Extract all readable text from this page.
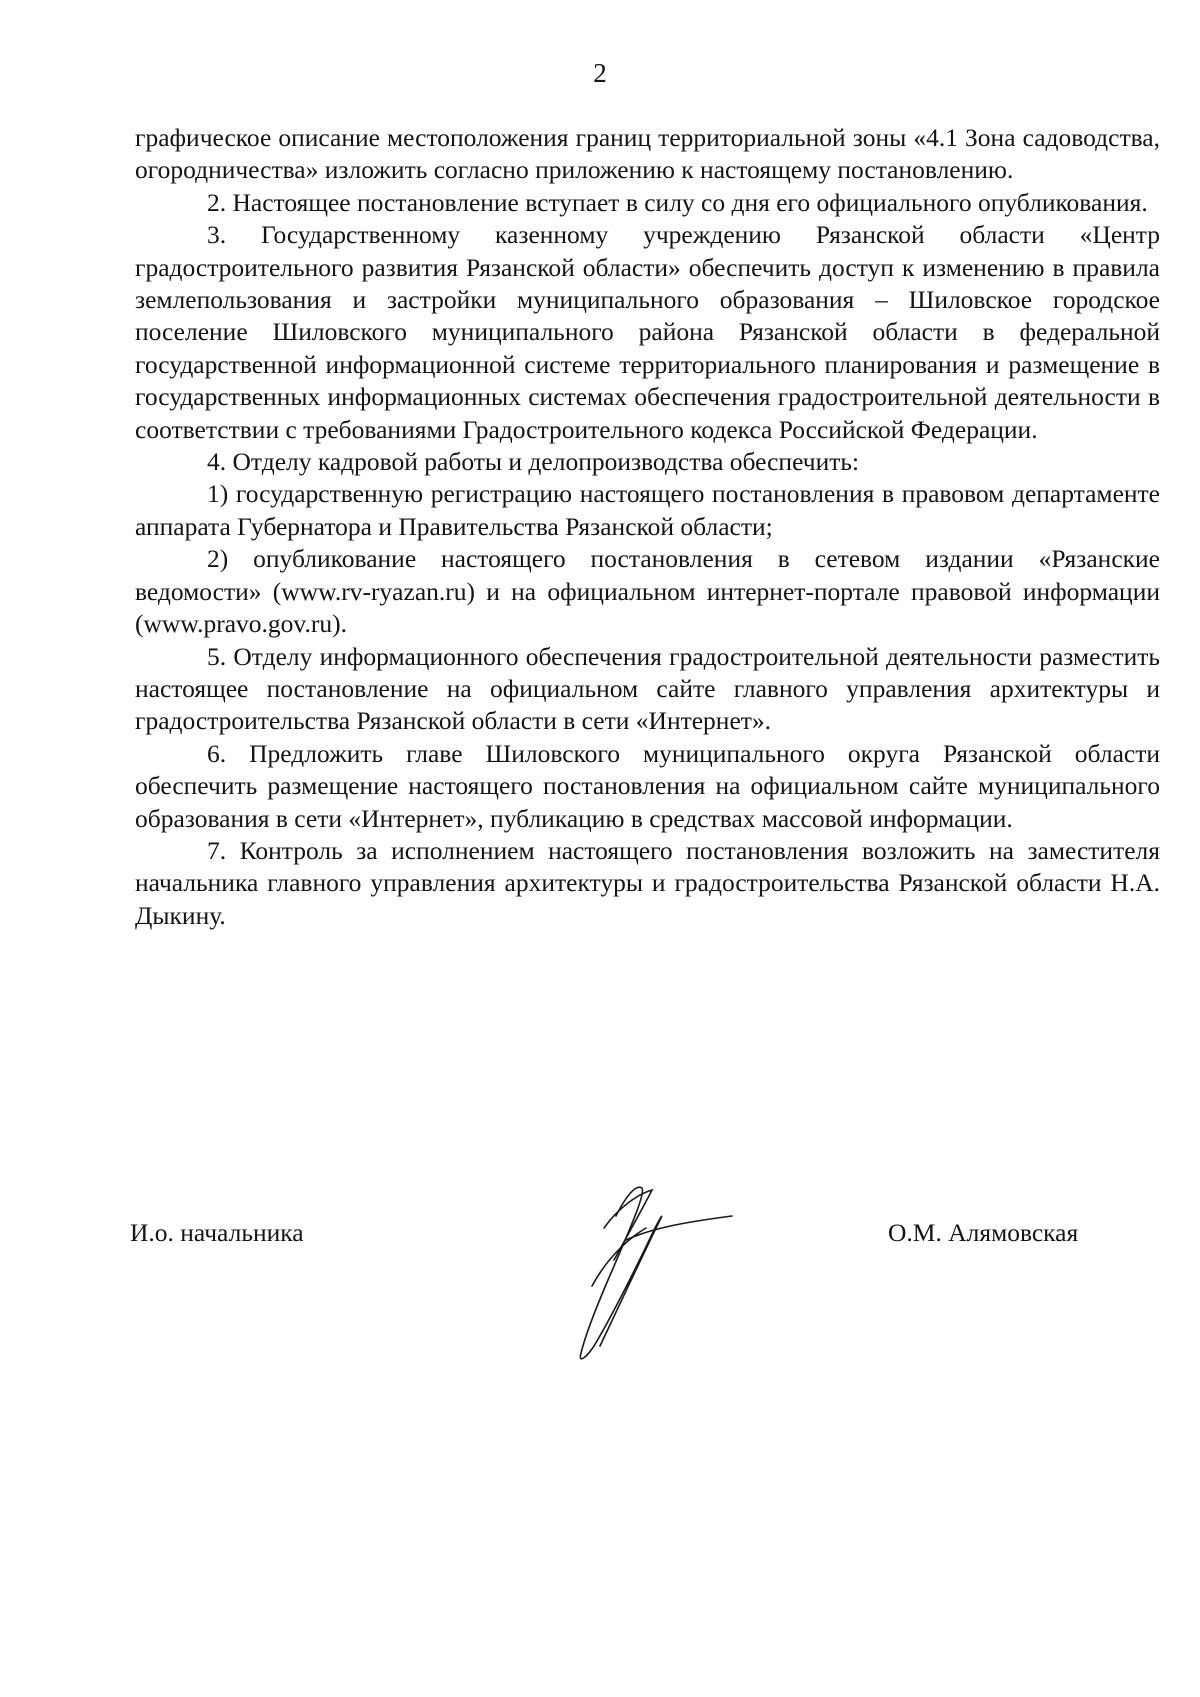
2

графическое описание местоположения границ территориальной зоны «4.1 Зона садоводства, огородничества» изложить согласно приложению к настоящему постановлению.

2. Настоящее постановление вступает в силу со дня его официального опубликования.

3. Государственному казенному учреждению Рязанской области «Центр градостроительного развития Рязанской области» обеспечить доступ к изменению в правила землепользования и застройки муниципального образования – Шиловское городское поселение Шиловского муниципального района Рязанской области в федеральной государственной информационной системе территориального планирования и размещение в государственных информационных системах обеспечения градостроительной деятельности в соответствии с требованиями Градостроительного кодекса Российской Федерации.

4. Отделу кадровой работы и делопроизводства обеспечить:

1) государственную регистрацию настоящего постановления в правовом департаменте аппарата Губернатора и Правительства Рязанской области;

2) опубликование настоящего постановления в сетевом издании «Рязанские ведомости» (www.rv-ryazan.ru) и на официальном интернет-портале правовой информации (www.pravo.gov.ru).

5. Отделу информационного обеспечения градостроительной деятельности разместить настоящее постановление на официальном сайте главного управления архитектуры и градостроительства Рязанской области в сети «Интернет».

6. Предложить главе Шиловского муниципального округа Рязанской области обеспечить размещение настоящего постановления на официальном сайте муниципального образования в сети «Интернет», публикацию в средствах массовой информации.

7. Контроль за исполнением настоящего постановления возложить на заместителя начальника главного управления архитектуры и градостроительства Рязанской области Н.А. Дыкину.

И.о. начальника	О.М. Алямовская
